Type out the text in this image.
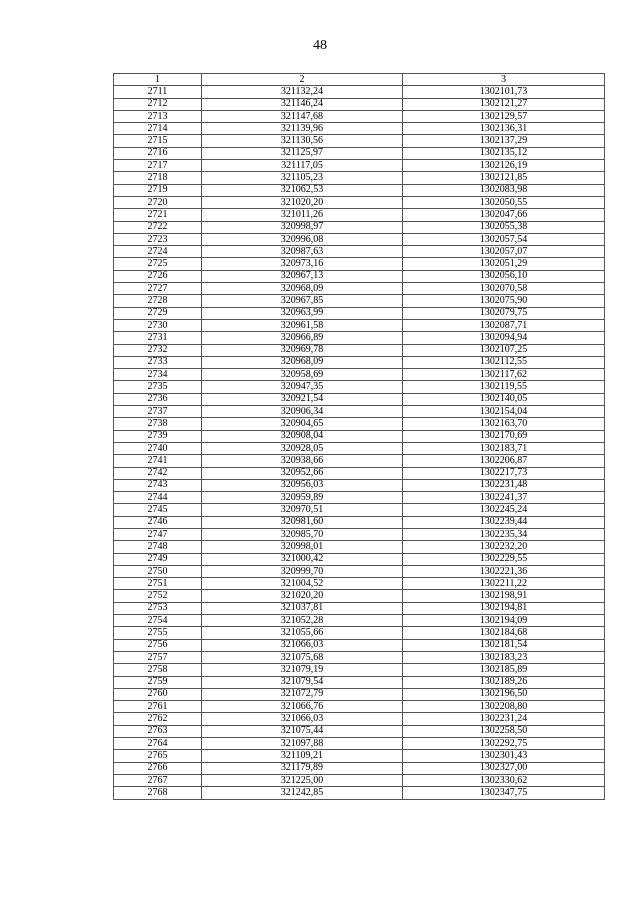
48
1	2	3
2711	321132,24	1302101,73
2712	321146,24	1302121,27
2713	321147,68	1302129,57
2714	321139,96	1302136,31
2715	321130,56	1302137,29
2716	321125,97	1302135,12
2717	321117,05	1302126,19
2718	321105,23	1302121,85
2719	321062,53	1302083,98
2720	321020,20	1302050,55
2721	321011,26	1302047,66
2722	320998,97	1302055,38
2723	320996,08	1302057,54
2724	320987,63	1302057,07
2725	320973,16	1302051,29
2726	320967,13	1302056,10
2727	320968,09	1302070,58
2728	320967,85	1302075,90
2729	320963,99	1302079,75
2730	320961,58	1302087,71
2731	320966,89	1302094,94
2732	320969,78	1302107,25
2733	320968,09	1302112,55
2734	320958,69	1302117,62
2735	320947,35	1302119,55
2736	320921,54	1302140,05
2737	320906,34	1302154,04
2738	320904,65	1302163,70
2739	320908,04	1302170,69
2740	320928,05	1302183,71
2741	320938,66	1302206,87
2742	320952,66	1302217,73
2743	320956,03	1302231,48
2744	320959,89	1302241,37
2745	320970,51	1302245,24
2746	320981,60	1302239,44
2747	320985,70	1302235,34
2748	320998,01	1302232,20
2749	321000,42	1302229,55
2750	320999,70	1302221,36
2751	321004,52	1302211,22
2752	321020,20	1302198,91
2753	321037,81	1302194,81
2754	321052,28	1302194,09
2755	321055,66	1302184,68
2756	321066,03	1302181,54
2757	321075,68	1302183,23
2758	321079,19	1302185,89
2759	321079,54	1302189,26
2760	321072,79	1302196,50
2761	321066,76	1302208,80
2762	321066,03	1302231,24
2763	321075,44	1302258,50
2764	321097,88	1302292,75
2765	321109,21	1302301,43
2766	321179,89	1302327,00
2767	321225,00	1302330,62
2768	321242,85	1302347,75
